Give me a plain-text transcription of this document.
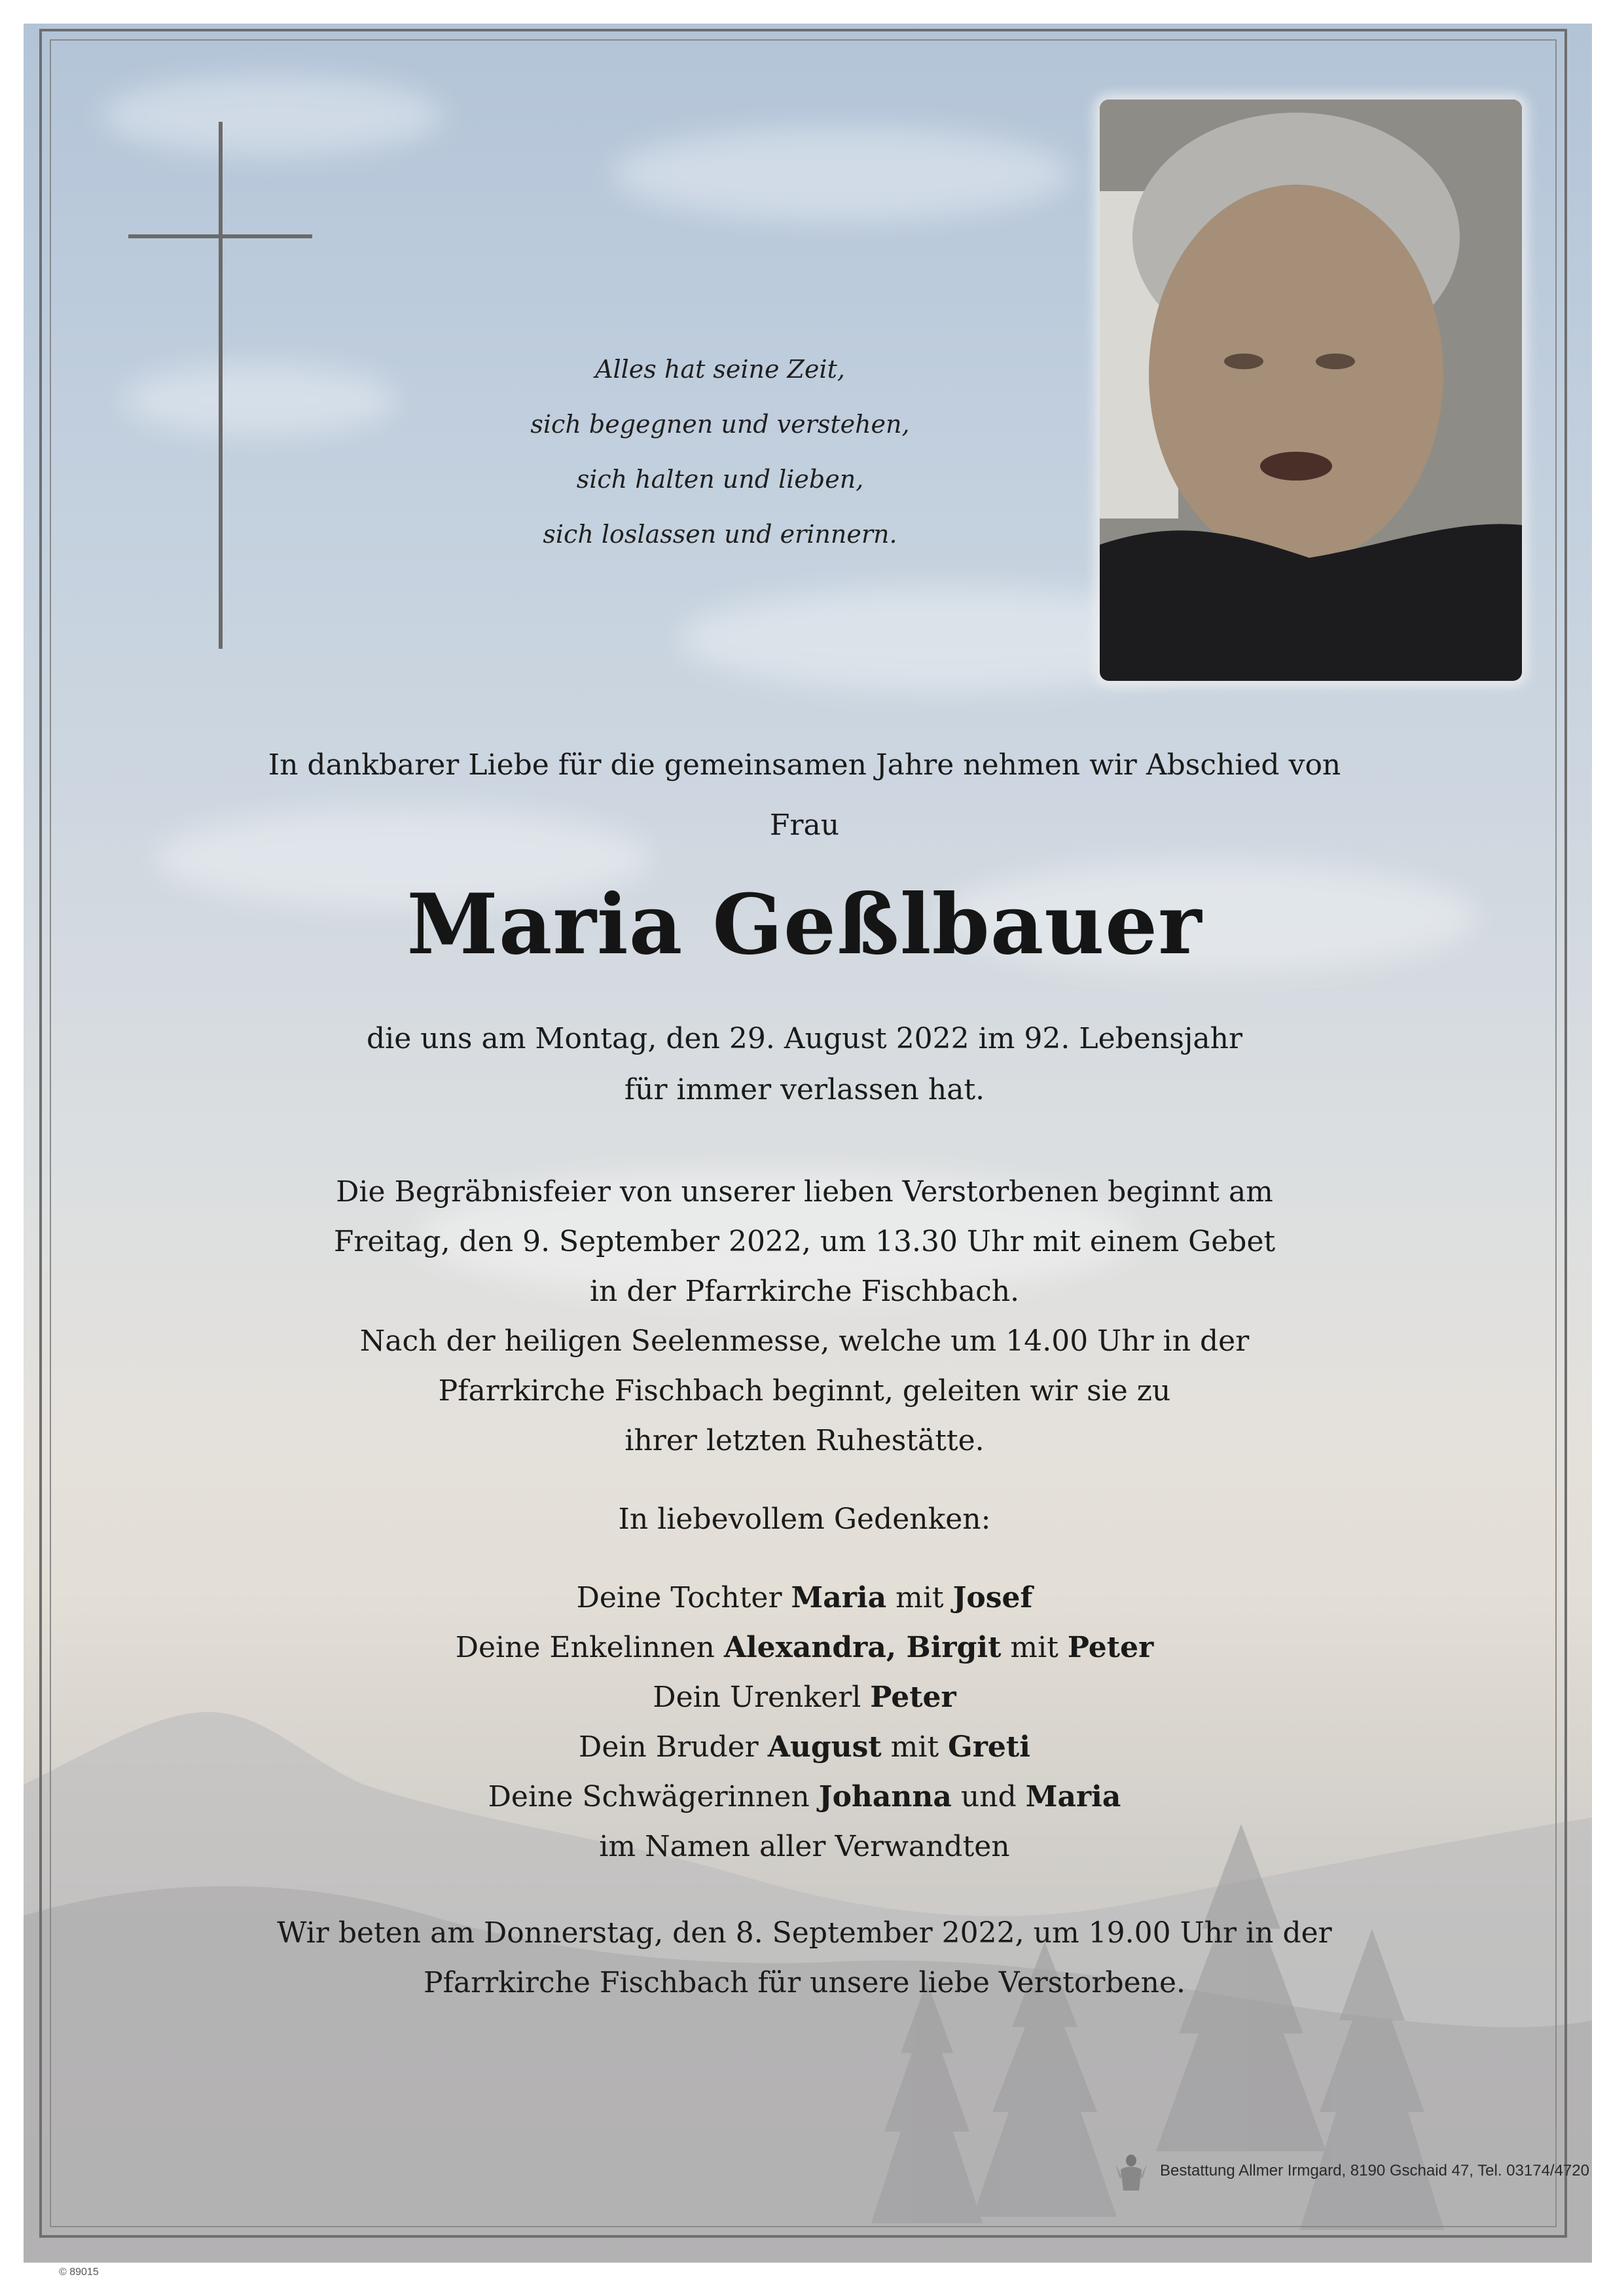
Alles hat seine Zeit,
sich begegnen und verstehen,
sich halten und lieben,
sich loslassen und erinnern.
In dankbarer Liebe für die gemeinsamen Jahre nehmen wir Abschied von
Frau
Maria Geßlbauer
die uns am Montag, den 29. August 2022 im 92. Lebensjahr
für immer verlassen hat.
Die Begräbnisfeier von unserer lieben Verstorbenen beginnt am
Freitag, den 9. September 2022, um 13.30 Uhr mit einem Gebet
in der Pfarrkirche Fischbach.
Nach der heiligen Seelenmesse, welche um 14.00 Uhr in der
Pfarrkirche Fischbach beginnt, geleiten wir sie zu
ihrer letzten Ruhestätte.
In liebevollem Gedenken:
Deine Tochter Maria mit Josef
Deine Enkelinnen Alexandra, Birgit mit Peter
Dein Urenkerl Peter
Dein Bruder August mit Greti
Deine Schwägerinnen Johanna und Maria
im Namen aller Verwandten
Wir beten am Donnerstag, den 8. September 2022, um 19.00 Uhr in der
Pfarrkirche Fischbach für unsere liebe Verstorbene.
Bestattung Allmer Irmgard, 8190 Gschaid 47, Tel. 03174/4720
© 89015
